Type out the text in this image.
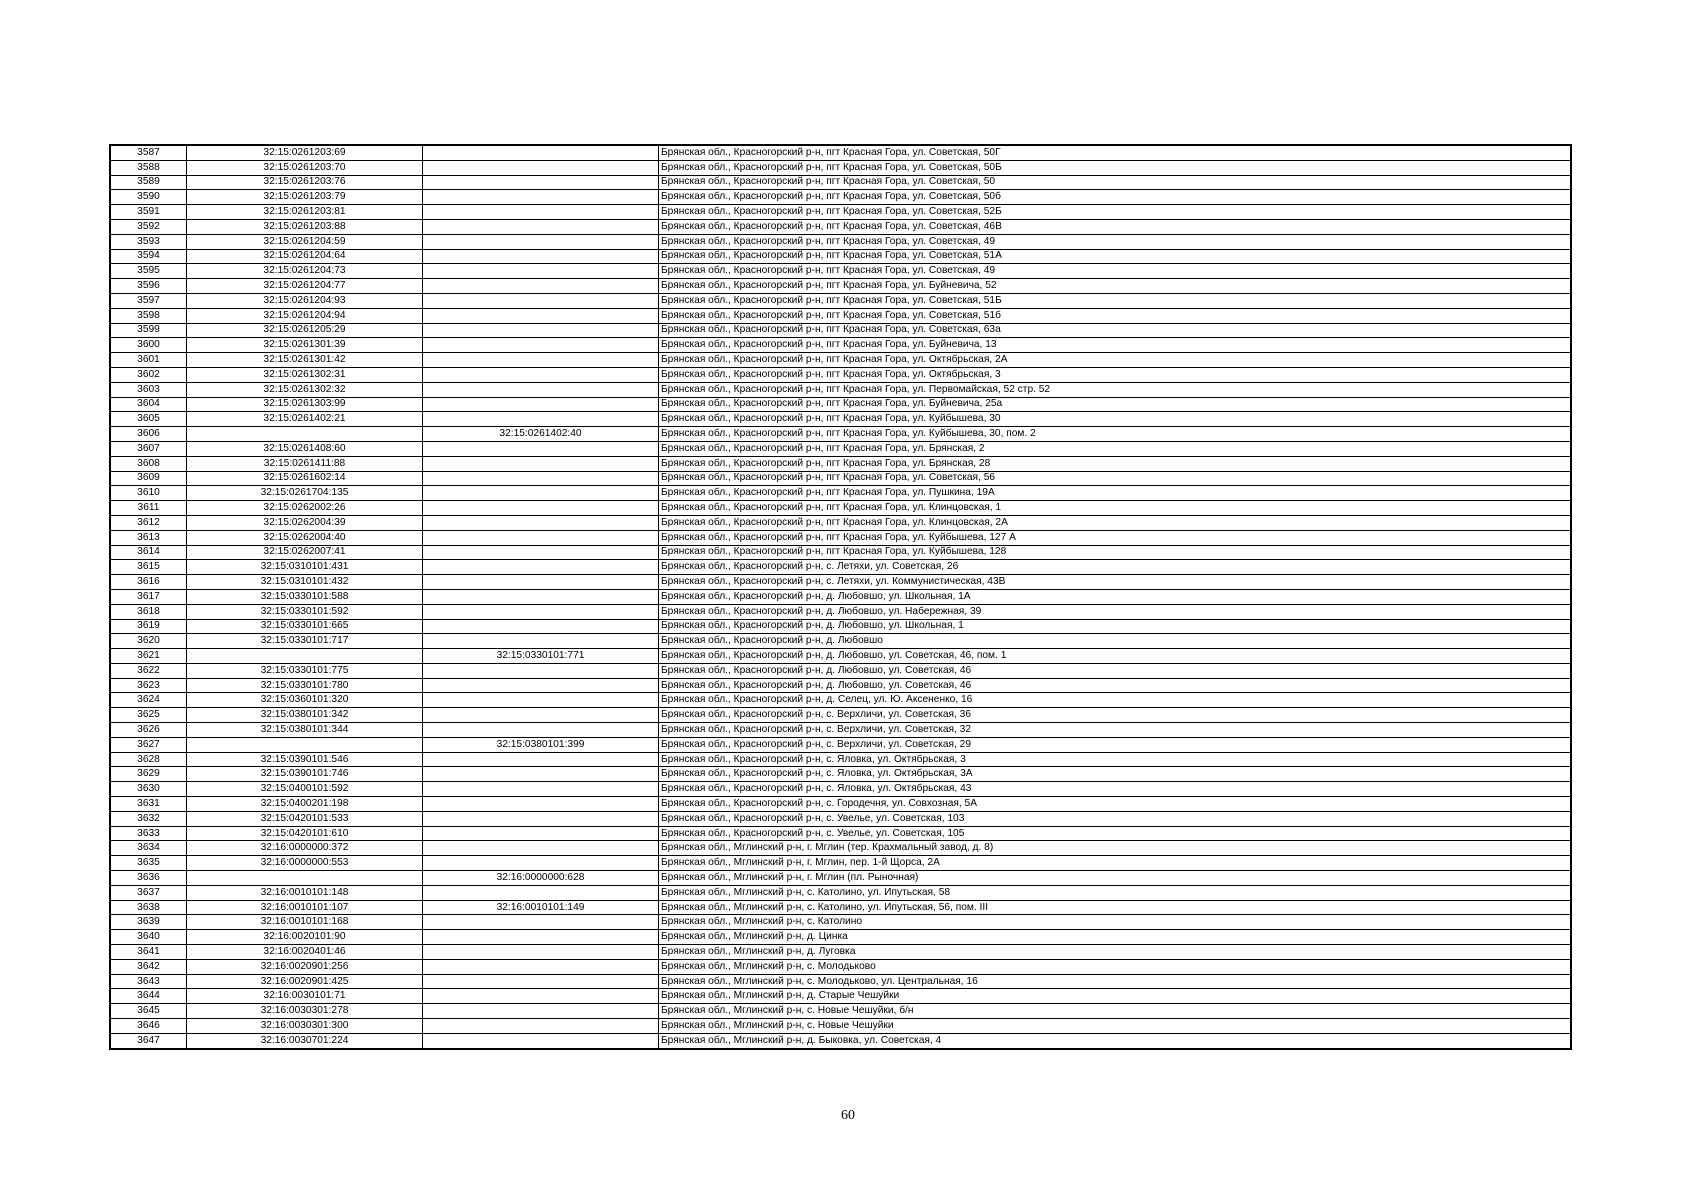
3587	32:15:0261203:69		Брянская обл., Красногорский р-н, пгт Красная Гора, ул. Советская, 50Г
3588	32:15:0261203:70		Брянская обл., Красногорский р-н, пгт Красная Гора, ул. Советская, 50Б
3589	32:15:0261203:76		Брянская обл., Красногорский р-н, пгт Красная Гора, ул. Советская, 50
3590	32:15:0261203:79		Брянская обл., Красногорский р-н, пгт Красная Гора, ул. Советская, 50б
3591	32:15:0261203:81		Брянская обл., Красногорский р-н, пгт Красная Гора, ул. Советская, 52Б
3592	32:15:0261203:88		Брянская обл., Красногорский р-н, пгт Красная Гора, ул. Советская, 46В
3593	32:15:0261204:59		Брянская обл., Красногорский р-н, пгт Красная Гора, ул. Советская, 49
3594	32:15:0261204:64		Брянская обл., Красногорский р-н, пгт Красная Гора, ул. Советская, 51А
3595	32:15:0261204:73		Брянская обл., Красногорский р-н, пгт Красная Гора, ул. Советская, 49
3596	32:15:0261204:77		Брянская обл., Красногорский р-н, пгт Красная Гора, ул. Буйневича, 52
3597	32:15:0261204:93		Брянская обл., Красногорский р-н, пгт Красная Гора, ул. Советская, 51Б
3598	32:15:0261204:94		Брянская обл., Красногорский р-н, пгт Красная Гора, ул. Советская, 51б
3599	32:15:0261205:29		Брянская обл., Красногорский р-н, пгт Красная Гора, ул. Советская, 63а
3600	32:15:0261301:39		Брянская обл., Красногорский р-н, пгт Красная Гора, ул. Буйневича, 13
3601	32:15:0261301:42		Брянская обл., Красногорский р-н, пгт Красная Гора, ул. Октябрьская, 2А
3602	32:15:0261302:31		Брянская обл., Красногорский р-н, пгт Красная Гора, ул. Октябрьская, 3
3603	32:15:0261302:32		Брянская обл., Красногорский р-н, пгт Красная Гора, ул. Первомайская, 52 стр. 52
3604	32:15:0261303:99		Брянская обл., Красногорский р-н, пгт Красная Гора, ул. Буйневича, 25а
3605	32:15:0261402:21		Брянская обл., Красногорский р-н, пгт Красная Гора, ул. Куйбышева, 30
3606		32:15:0261402:40	Брянская обл., Красногорский р-н, пгт Красная Гора, ул. Куйбышева, 30, пом. 2
3607	32:15:0261408:60		Брянская обл., Красногорский р-н, пгт Красная Гора, ул. Брянская, 2
3608	32:15:0261411:88		Брянская обл., Красногорский р-н, пгт Красная Гора, ул. Брянская, 28
3609	32:15:0261602:14		Брянская обл., Красногорский р-н, пгт Красная Гора, ул. Советская, 56
3610	32:15:0261704:135		Брянская обл., Красногорский р-н, пгт Красная Гора, ул. Пушкина, 19А
3611	32:15:0262002:26		Брянская обл., Красногорский р-н, пгт Красная Гора, ул. Клинцовская, 1
3612	32:15:0262004:39		Брянская обл., Красногорский р-н, пгт Красная Гора, ул. Клинцовская, 2А
3613	32:15:0262004:40		Брянская обл., Красногорский р-н, пгт Красная Гора, ул. Куйбышева, 127 А
3614	32:15:0262007:41		Брянская обл., Красногорский р-н, пгт Красная Гора, ул. Куйбышева, 128
3615	32:15:0310101:431		Брянская обл., Красногорский р-н, с. Летяхи, ул. Советская, 26
3616	32:15:0310101:432		Брянская обл., Красногорский р-н, с. Летяхи, ул. Коммунистическая, 43В
3617	32:15:0330101:588		Брянская обл., Красногорский р-н, д. Любовшо, ул. Школьная, 1А
3618	32:15:0330101:592		Брянская обл., Красногорский р-н, д. Любовшо, ул. Набережная, 39
3619	32:15:0330101:665		Брянская обл., Красногорский р-н, д. Любовшо, ул. Школьная, 1
3620	32:15:0330101:717		Брянская обл., Красногорский р-н, д. Любовшо
3621		32:15:0330101:771	Брянская обл., Красногорский р-н, д. Любовшо, ул. Советская, 46, пом. 1
3622	32:15:0330101:775		Брянская обл., Красногорский р-н, д. Любовшо, ул. Советская, 46
3623	32:15:0330101:780		Брянская обл., Красногорский р-н, д. Любовшо, ул. Советская, 46
3624	32:15:0360101:320		Брянская обл., Красногорский р-н, д. Селец, ул. Ю. Аксененко, 16
3625	32:15:0380101:342		Брянская обл., Красногорский р-н, с. Верхличи, ул. Советская, 36
3626	32:15:0380101:344		Брянская обл., Красногорский р-н, с. Верхличи, ул. Советская, 32
3627		32:15:0380101:399	Брянская обл., Красногорский р-н, с. Верхличи, ул. Советская, 29
3628	32:15:0390101:546		Брянская обл., Красногорский р-н, с. Яловка, ул. Октябрьская, 3
3629	32:15:0390101:746		Брянская обл., Красногорский р-н, с. Яловка, ул. Октябрьская, 3А
3630	32:15:0400101:592		Брянская обл., Красногорский р-н, с. Яловка, ул. Октябрьская, 43
3631	32:15:0400201:198		Брянская обл., Красногорский р-н, с. Городечня, ул. Совхозная, 5А
3632	32:15:0420101:533		Брянская обл., Красногорский р-н, с. Увелье, ул. Советская, 103
3633	32:15:0420101:610		Брянская обл., Красногорский р-н, с. Увелье, ул. Советская, 105
3634	32:16:0000000:372		Брянская обл., Мглинский р-н, г. Мглин (тер. Крахмальный завод, д. 8)
3635	32:16:0000000:553		Брянская обл., Мглинский р-н, г. Мглин, пер. 1-й Щорса, 2А
3636		32:16:0000000:628	Брянская обл., Мглинский р-н, г. Мглин (пл. Рыночная)
3637	32:16:0010101:148		Брянская обл., Мглинский р-н, с. Католино, ул. Ипутьская, 58
3638	32:16:0010101:107	32:16:0010101:149	Брянская обл., Мглинский р-н, с. Католино, ул. Ипутьская, 56, пом. III
3639	32:16:0010101:168		Брянская обл., Мглинский р-н, с. Католино
3640	32:16:0020101:90		Брянская обл., Мглинский р-н, д. Цинка
3641	32:16:0020401:46		Брянская обл., Мглинский р-н, д. Луговка
3642	32:16:0020901:256		Брянская обл., Мглинский р-н, с. Молодьково
3643	32:16:0020901:425		Брянская обл., Мглинский р-н, с. Молодьково, ул. Центральная, 16
3644	32:16:0030101:71		Брянская обл., Мглинский р-н, д. Старые Чешуйки
3645	32:16:0030301:278		Брянская обл., Мглинский р-н, с. Новые Чешуйки, б/н
3646	32:16:0030301:300		Брянская обл., Мглинский р-н, с. Новые Чешуйки
3647	32:16:0030701:224		Брянская обл., Мглинский р-н, д. Быковка, ул. Советская, 4
60
